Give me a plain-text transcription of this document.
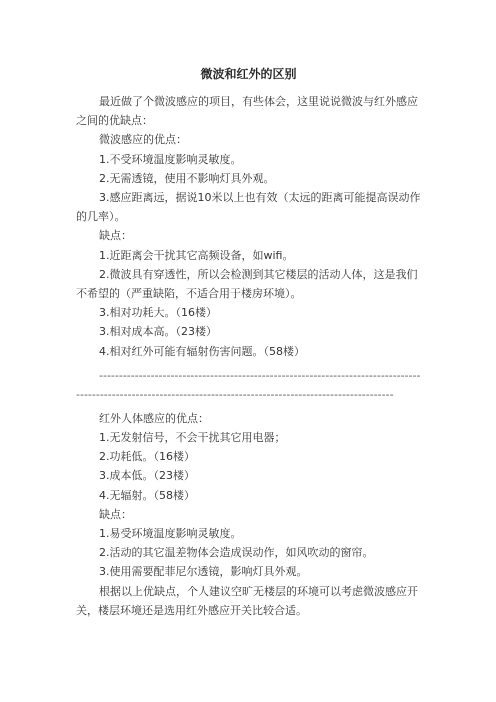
微波和红外的区别

最近做了个微波感应的项目，有些体会，这里说说微波与红外感应之间的优缺点：

微波感应的优点：

1.不受环境温度影响灵敏度。

2.无需透镜，使用不影响灯具外观。

3.感应距离远，据说10米以上也有效（太远的距离可能提高误动作的几率）。

缺点：

1.近距离会干扰其它高频设备，如wifi。

2.微波具有穿透性，所以会检测到其它楼层的活动人体，这是我们不希望的（严重缺陷，不适合用于楼房环境）。

3.相对功耗大。（16楼）

3.相对成本高。（23楼）

4.相对红外可能有辐射伤害问题。（58楼）

-----------------------------------------------------------------------------------------------------------------------------------------------------------------

红外人体感应的优点：

1.无发射信号，不会干扰其它用电器；

2.功耗低。（16楼）

3.成本低。（23楼）

4.无辐射。（58楼）

缺点：

1.易受环境温度影响灵敏度。

2.活动的其它温差物体会造成误动作，如风吹动的窗帘。

3.使用需要配菲尼尔透镜，影响灯具外观。

根据以上优缺点，个人建议空旷无楼层的环境可以考虑微波感应开关，楼层环境还是选用红外感应开关比较合适。
